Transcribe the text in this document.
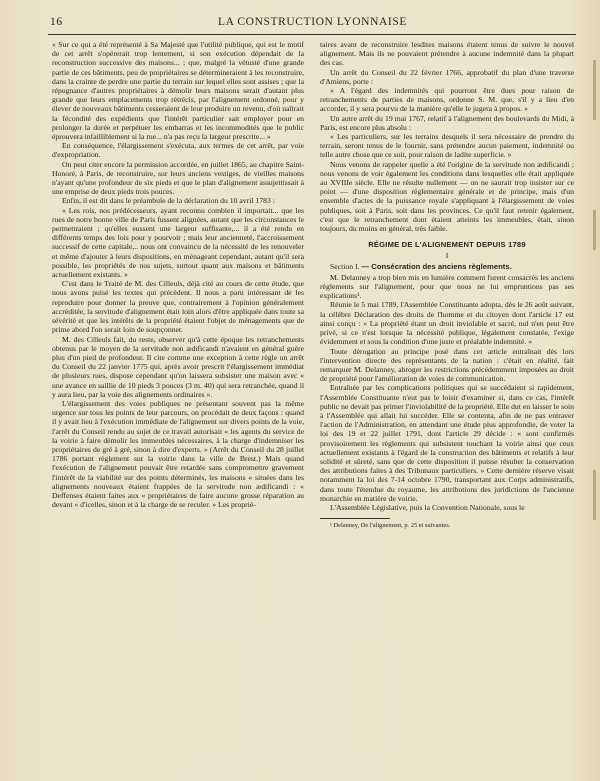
16	LA CONSTRUCTION LYONNAISE

« Sur ce qui a été représenté à Sa Majesté que l'utilité publique, qui est le motif de cet arrêt s'opérerait trop lentement, si son exécution dépendait de la reconstruction successive des maisons... ; que, malgré la vétusté d'une grande partie de ces bâtiments, peu de propriétaires se détermineraient à les reconstruire, dans la crainte de perdre une partie du terrain sur lequel elles sont assises ; que la répugnance d'autres propriétaires à démolir leurs maisons serait d'autant plus grande que leurs emplacements trop rétrécis, par l'alignement ordonné, pour y élever de nouveaux bâtiments cesseraient de leur produire un revenu, d'où naîtrait la fécondité des expédients que l'intérêt particulier sait employer pour en prolonger la durée et perpétuer les embarras et les incommodités que le public éprouvera infailliblement si la rue... n'a pas reçu la largeur prescrite... »

En conséquence, l'élargissement s'exécuta, aux termes de cet arrêt, par voie d'expropriation.

On peut citer encore la permission accordée, en juillet 1865, au chapitre Saint-Honoré, à Paris, de reconstruire, sur leurs anciens vestiges, de vieilles maisons n'ayant qu'une profondeur de six pieds et que le plan d'alignement assujettissait à une emprise de deux pieds trois pouces.

Enfin, il est dit dans le préambule de la déclaration du 10 avril 1783 :

« Les rois, nos prédécesseurs, ayant reconnu combien il importait... que les rues de notre bonne ville de Paris fussent alignées, autant que les circonstances le permettraient ; qu'elles eussent une largeur suffisante,... il a été rendu en différents temps des lois pour y pourvoir ; mais leur ancienneté, l'accroissement successif de cette capitale,.. nous ont convaincu de la nécessité de les renouveler et même d'ajouter à leurs dispositions, en ménageant cependant, autant qu'il sera possible, les propriétés de nos sujets, surtout quant aux maisons et bâtiments actuellement existants. »

C'est dans le Traité de M. des Cilleuls, déjà cité au cours de cette étude, que nous avons puisé les textes qui précèdent. Il nous a paru intéressant de les reproduire pour donner la preuve que, contrairement à l'opinion généralement accréditée, la servitude d'alignement était loin alors d'être appliquée dans toute sa sévérité et que les intérêts de la propriété étaient l'objet de ménagements que de prime abord l'on serait loin de soupçonner.

M. des Cilleuls fait, du reste, observer qu'à cette époque les retranchements obtenus par le moyen de la servitude non ædificandi n'avaient en général guère plus d'un pied de profondeur. Il cite comme une exception à cette règle un arrêt du Conseil du 22 janvier 1775 qui, après avoir prescrit l'élargissement immédiat de plusieurs rues, dispose cependant qu'on laissera subsister une maison avec « une avance en saillie de 10 pieds 3 pouces (3 m. 40) qui sera retranchée, quand il y aura lieu, par la voie des alignements ordinaires ».

L'élargissement des voies publiques ne présentant souvent pas la même urgence sur tous les points de leur parcours, on procédait de deux façons : quand il y avait lieu à l'exécution immédiate de l'alignement sur divers points de la voie, l'arrêt du Conseil rendu au sujet de ce travail autorisait « les agents du service de la voirie à faire démolir les immeubles nécessaires, à la charge d'indemniser les propriétaires de gré à gré, sinon à dire d'experts. » (Arrêt du Conseil du 28 juillet 1786 portant règlement sur la voirie dans la ville de Brest.) Mais quand l'exécution de l'alignement pouvait être retardée sans compromettre gravement l'intérêt de la viabilité sur des points déterminés, les maisons « situées dans les alignements nouveaux étaient frappées de la servitude non ædificandi : « Deffenses étaient faites aux « propriétaires de faire aucune grosse réparation au devant « d'icelles, sinon et à la charge de se reculer. » Les proprié-

taires avant de reconstruire lesdites maisons étaient tenus de suivre le nouvel alignement. Mais ils ne pouvaient prétendre à aucune indemnité dans la plupart des cas.

Un arrêt du Conseil du 22 février 1766, approbatif du plan d'une traverse d'Amiens, porte :

« A l'égard des indemnités qui pourront être dues pour raison de retranchements de parties de maisons, ordonne S. M. que, s'il y a lieu d'en accorder, il y sera pourvu de la manière qu'elle le jugera à propos. »

Un autre arrêt du 19 mai 1767, relatif à l'alignement des boulevards du Midi, à Paris, est encore plus absolu :

« Les particuliers, sur les terrains desquels il sera nécessaire de prendre du terrain, seront tenus de le fournir, sans prétendre aucun paiement, indemnité ou telle autre chose que ce soit, pour raison de ladite superficie. »

Nous venons de rappeler quelle a été l'origine de la servitude non ædificandi ; nous venons de voir également les conditions dans lesquelles elle était appliquée au XVIIIe siècle. Elle ne résulte nullement — on ne saurait trop insister sur ce point — d'une disposition réglementaire générale et de principe, mais d'un ensemble d'actes de la puissance royale s'appliquant à l'élargissement de voies publiques, soit à Paris, soit dans les provinces. Ce qu'il faut retenir également, c'est que le retranchement dont étaient atteints les immeubles, était, sinon toujours, du moins en général, très faible.

RÉGIME DE L'ALIGNEMENT DEPUIS 1789
I

Section I. — Consécration des anciens règlements.

M. Delanney a trop bien mis en lumière comment furent consacrés les anciens règlements sur l'alignement, pour que nous ne lui empruntions pas ses explications¹.

Réunie le 5 mai 1789, l'Assemblée Constituante adopta, dès le 26 août suivant, la célèbre Déclaration des droits de l'homme et du citoyen dont l'article 17 est ainsi conçu : « La propriété étant un droit inviolable et sacré, nul n'en peut être privé, si ce n'est lorsque la nécessité publique, légalement constatée, l'exige évidemment et sous la condition d'une juste et préalable indemnité. »

Toute dérogation au principe posé dans cet article entraînait dès lors l'intervention directe des représentants de la nation : c'était en réalité, fait remarquer M. Delanney, abroger les restrictions précédemment imposées au droit de propriété pour l'amélioration de voies de communication.

Entraînée par les complications politiques qui se succédaient si rapidement, l'Assemblée Constituante n'eut pas le loisir d'examiner si, dans ce cas, l'intérêt public ne devait pas primer l'inviolabilité de la propriété. Elle dut en laisser le soin à l'Assemblée qui allait lui succéder. Elle se contenta, afin de ne pas entraver l'action de l'Administration, en attendant une étude plus approfondie, de voter la loi des 19 et 22 juillet 1791, dont l'article 29 décide : « sont confirmés provisoirement les règlements qui subsistent touchant la voirie ainsi que ceux actuellement existants à l'égard de la construction des bâtiments et relatifs à leur solidité et sûreté, sans que de cette disposition il puisse résulter la conservation des attributions faites à des Tribunaux particuliers. » Cette dernière réserve visait notamment la loi des 7-14 octobre 1790, transportant aux Corps administratifs, dans toute l'étendue du royaume, les attributions des juridictions de l'ancienne monarchie en matière de voirie.

L'Assemblée Législative, puis la Convention Nationale, sous le

¹ Delanney, De l'alignement, p. 25 et suivantes.
